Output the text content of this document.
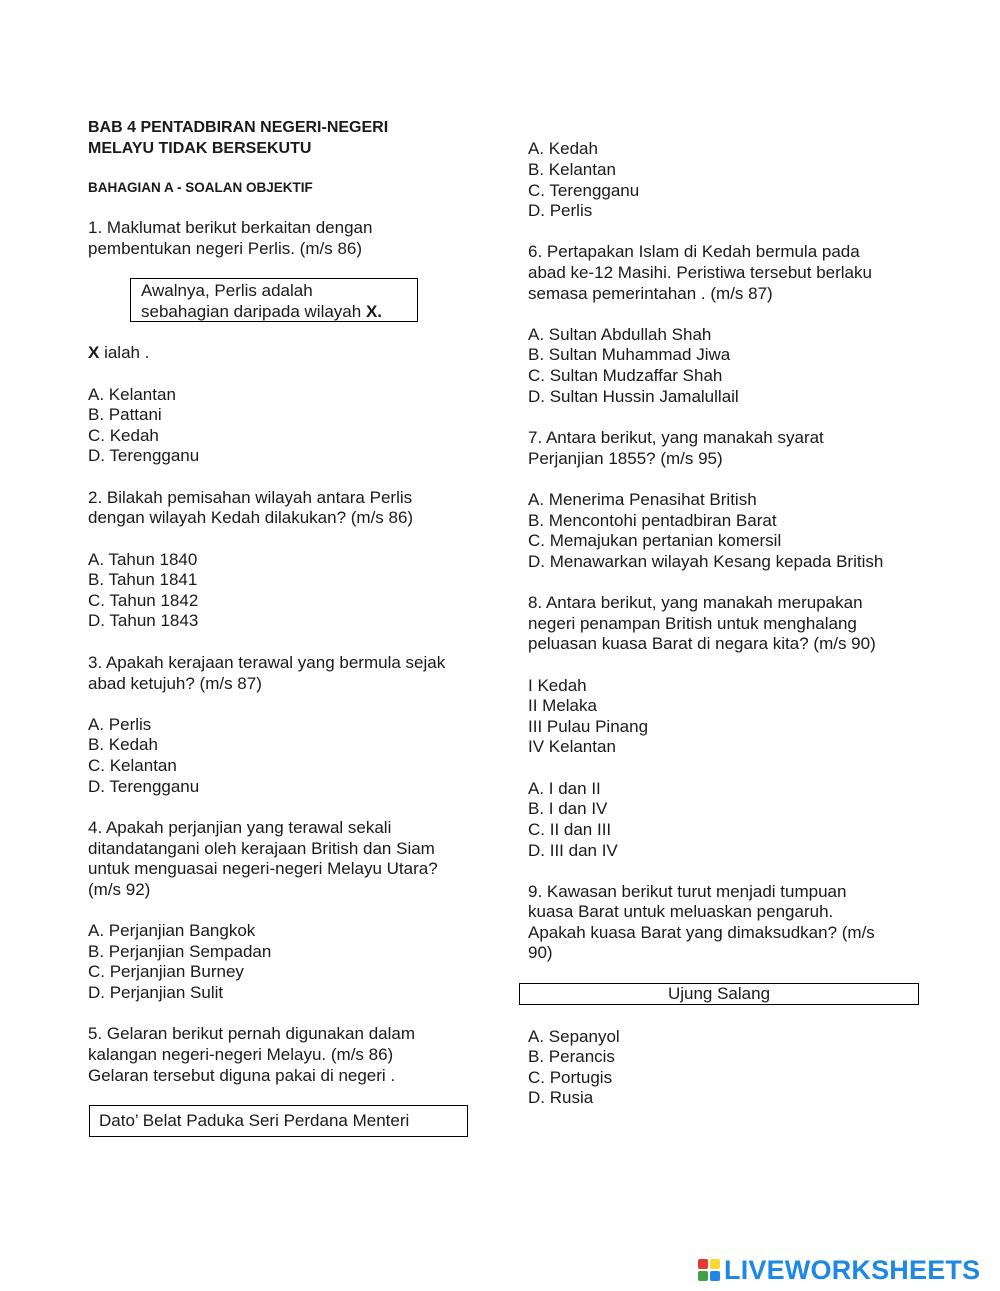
BAB 4 PENTADBIRAN NEGERI-NEGERI
MELAYU TIDAK BERSEKUTU
BAHAGIAN A - SOALAN OBJEKTIF
1. Maklumat berikut berkaitan dengan
pembentukan negeri Perlis. (m/s 86)
Awalnya, Perlis adalah
sebahagian daripada wilayah X.
X ialah .
A. Kelantan
B. Pattani
C. Kedah
D. Terengganu
2. Bilakah pemisahan wilayah antara Perlis
dengan wilayah Kedah dilakukan? (m/s 86)
A. Tahun 1840
B. Tahun 1841
C. Tahun 1842
D. Tahun 1843
3. Apakah kerajaan terawal yang bermula sejak
abad ketujuh? (m/s 87)
A. Perlis
B. Kedah
C. Kelantan
D. Terengganu
4. Apakah perjanjian yang terawal sekali
ditandatangani oleh kerajaan British dan Siam
untuk menguasai negeri-negeri Melayu Utara?
(m/s 92)
A. Perjanjian Bangkok
B. Perjanjian Sempadan
C. Perjanjian Burney
D. Perjanjian Sulit
5. Gelaran berikut pernah digunakan dalam
kalangan negeri-negeri Melayu. (m/s 86)
Gelaran tersebut diguna pakai di negeri .
Dato’ Belat Paduka Seri Perdana Menteri
A. Kedah
B. Kelantan
C. Terengganu
D. Perlis
6. Pertapakan Islam di Kedah bermula pada
abad ke-12 Masihi. Peristiwa tersebut berlaku
semasa pemerintahan . (m/s 87)
A. Sultan Abdullah Shah
B. Sultan Muhammad Jiwa
C. Sultan Mudzaffar Shah
D. Sultan Hussin Jamalullail
7. Antara berikut, yang manakah syarat
Perjanjian 1855? (m/s 95)
A. Menerima Penasihat British
B. Mencontohi pentadbiran Barat
C. Memajukan pertanian komersil
D. Menawarkan wilayah Kesang kepada British
8. Antara berikut, yang manakah merupakan
negeri penampan British untuk menghalang
peluasan kuasa Barat di negara kita? (m/s 90)
I Kedah
II Melaka
III Pulau Pinang
IV Kelantan
A. I dan II
B. I dan IV
C. II dan III
D. III dan IV
9. Kawasan berikut turut menjadi tumpuan
kuasa Barat untuk meluaskan pengaruh.
Apakah kuasa Barat yang dimaksudkan? (m/s
90)
Ujung Salang
A. Sepanyol
B. Perancis
C. Portugis
D. Rusia
LIVEWORKSHEETS
